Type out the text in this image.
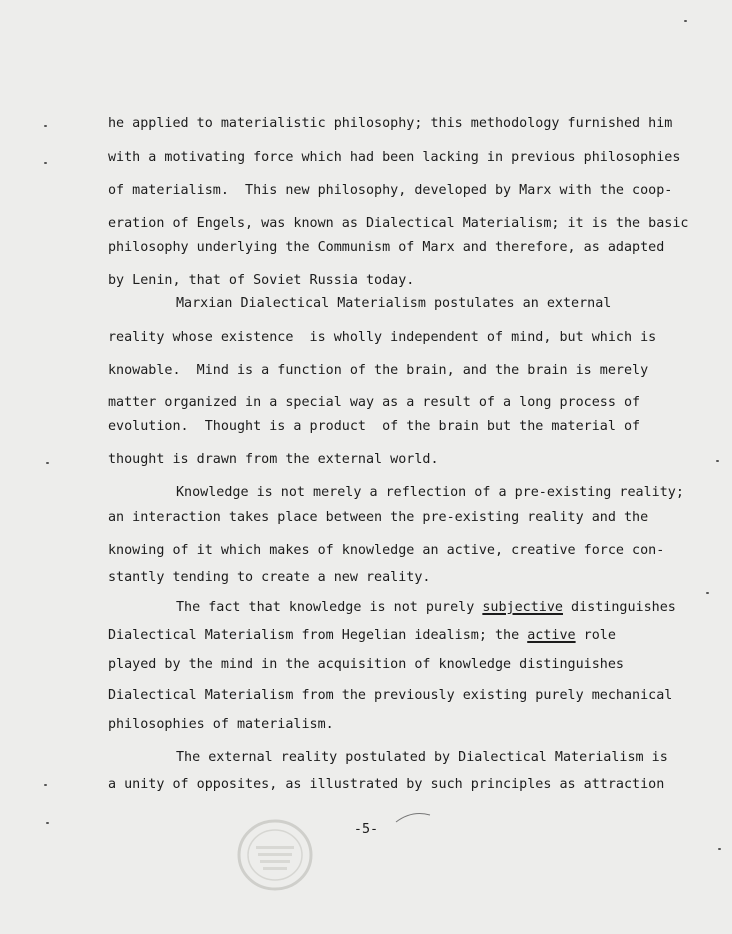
he applied to materialistic philosophy; this methodology furnished him
with a motivating force which had been lacking in previous philosophies
of materialism.  This new philosophy, developed by Marx with the coop-
eration of Engels, was known as Dialectical Materialism; it is the basic
philosophy underlying the Communism of Marx and therefore, as adapted
by Lenin, that of Soviet Russia today.
Marxian Dialectical Materialism postulates an external
reality whose existence  is wholly independent of mind, but which is
knowable.  Mind is a function of the brain, and the brain is merely
matter organized in a special way as a result of a long process of
evolution.  Thought is a product  of the brain but the material of
thought is drawn from the external world.
Knowledge is not merely a reflection of a pre-existing reality;
an interaction takes place between the pre-existing reality and the
knowing of it which makes of knowledge an active, creative force con-
stantly tending to create a new reality.
The fact that knowledge is not purely subjective distinguishes
Dialectical Materialism from Hegelian idealism; the active role
played by the mind in the acquisition of knowledge distinguishes
Dialectical Materialism from the previously existing purely mechanical
philosophies of materialism.
The external reality postulated by Dialectical Materialism is
a unity of opposites, as illustrated by such principles as attraction
-5-
